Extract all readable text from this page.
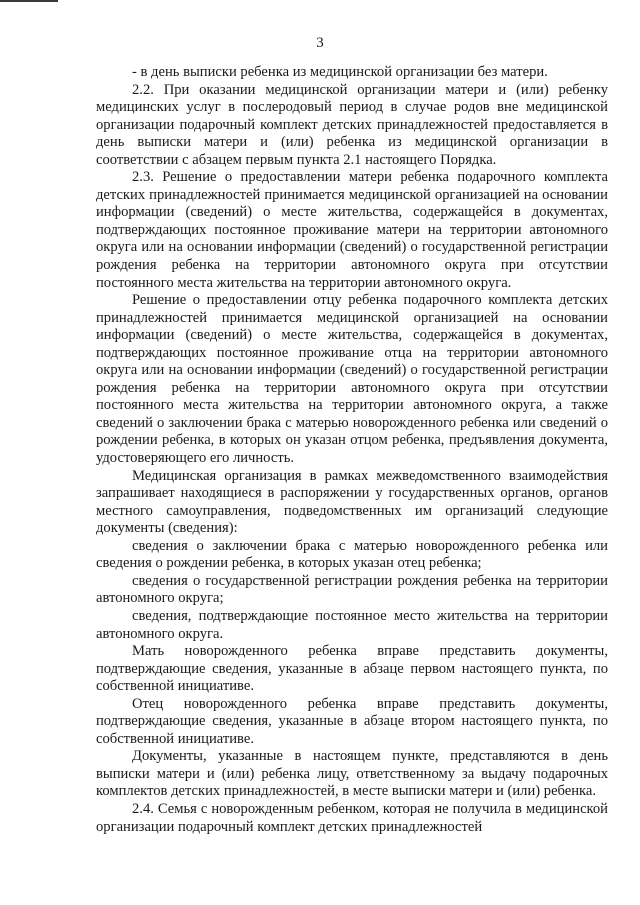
3

- в день выписки ребенка из медицинской организации без матери.

2.2. При оказании медицинской организации матери и (или) ребенку медицинских услуг в послеродовый период в случае родов вне медицинской организации подарочный комплект детских принадлежностей предоставляется в день выписки матери и (или) ребенка из медицинской организации в соответствии с абзацем первым пункта 2.1 настоящего Порядка.

2.3. Решение о предоставлении матери ребенка подарочного комплекта детских принадлежностей принимается медицинской организацией на основании информации (сведений) о месте жительства, содержащейся в документах, подтверждающих постоянное проживание матери на территории автономного округа или на основании информации (сведений) о государственной регистрации рождения ребенка на территории автономного округа при отсутствии постоянного места жительства на территории автономного округа.

Решение о предоставлении отцу ребенка подарочного комплекта детских принадлежностей принимается медицинской организацией на основании информации (сведений) о месте жительства, содержащейся в документах, подтверждающих постоянное проживание отца на территории автономного округа или на основании информации (сведений) о государственной регистрации рождения ребенка на территории автономного округа при отсутствии постоянного места жительства на территории автономного округа, а также сведений о заключении брака с матерью новорожденного ребенка или сведений о рождении ребенка, в которых он указан отцом ребенка, предъявления документа, удостоверяющего его личность.

Медицинская организация в рамках межведомственного взаимодействия запрашивает находящиеся в распоряжении у государственных органов, органов местного самоуправления, подведомственных им организаций следующие документы (сведения):

сведения о заключении брака с матерью новорожденного ребенка или сведения о рождении ребенка, в которых указан отец ребенка;

сведения о государственной регистрации рождения ребенка на территории автономного округа;

сведения, подтверждающие постоянное место жительства на территории автономного округа.

Мать новорожденного ребенка вправе представить документы, подтверждающие сведения, указанные в абзаце первом настоящего пункта, по собственной инициативе.

Отец новорожденного ребенка вправе представить документы, подтверждающие сведения, указанные в абзаце втором настоящего пункта, по собственной инициативе.

Документы, указанные в настоящем пункте, представляются в день выписки матери и (или) ребенка лицу, ответственному за выдачу подарочных комплектов детских принадлежностей, в месте выписки матери и (или) ребенка.

2.4. Семья с новорожденным ребенком, которая не получила в медицинской организации подарочный комплект детских принадлежностей
